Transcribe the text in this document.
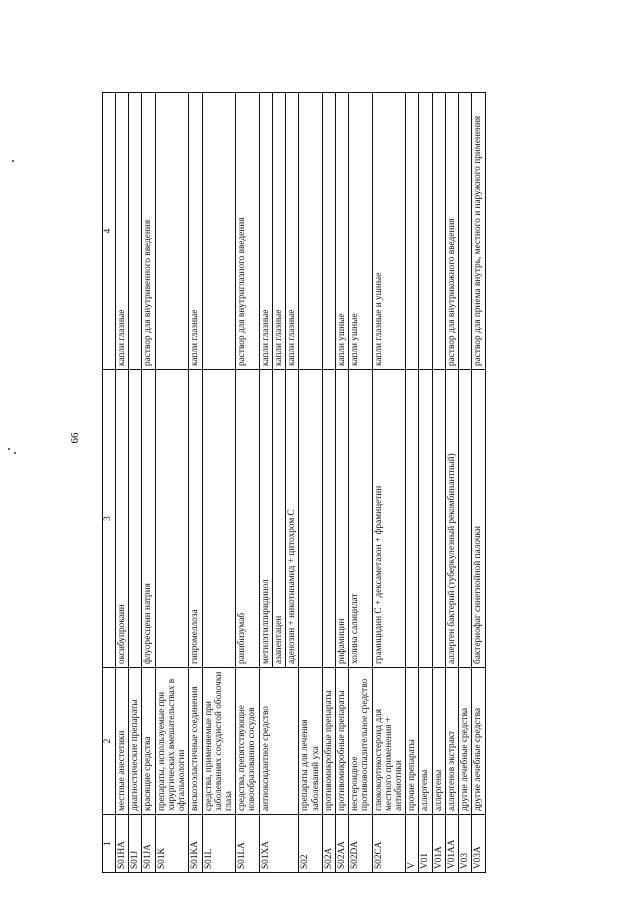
66
1	2	3	4
S01HA	местные анестетики	оксибупрокаин	капли глазные
S01J	диагностические препараты		
S01JA	красящие средства	флуоресцеин натрия	раствор для внутривенного введения
S01K	препараты, используемые при хирургических вмешательствах в офтальмологии		
S01KA	вискозоэластичные соединения	гипромеллоза	капли глазные
S01L	средства, применяемые при заболеваниях сосудистой оболочки глаза		
S01LA	средства, препятствующие новообразованию сосудов	ранибизумаб	раствор для внутриглазного введения
S01XA	антиоксидантное средство	метилэтилпиридинол	капли глазные
		азапентацен	капли глазные
		аденозин + никотинамид + цитохром С	капли глазные
S02	препараты для лечения заболеваний уха		
S02A	противомикробные препараты		
S02AA	противомикробные препараты	рифамицин	капли ушные
S02DA	нестероидное противовоспалительное средство	холина салицилат	капли ушные
S02CA	глюкокортикостероид для местного применения + антибиотики	грамицидин С + дексаметазон + фрамицетин	капли глазные и ушные
V	прочие препараты		
V01	аллергены		
V01A	аллергены		
V01AA	аллергенов экстракт	аллерген бактерий (туберкулезный рекомбинантный)	раствор для внутрикожного введения
V03	другие лечебные средства		
V03A	другие лечебные средства	бактериофаг синегнойной палочки	раствор для приема внутрь, местного и наружного применения
